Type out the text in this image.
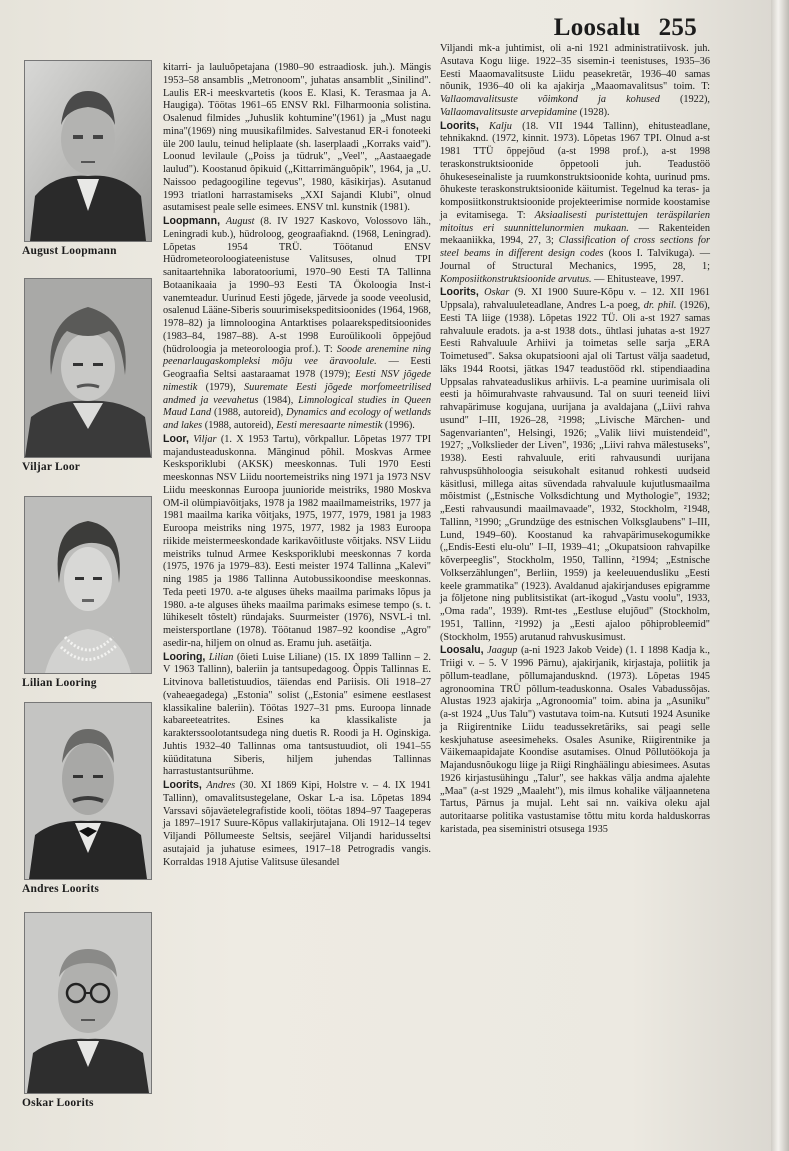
Loosalu 255
August Loopmann
Viljar Loor
Lilian Looring
Andres Loorits
Oskar Loorits

kitarri- ja lauluõpetajana (1980–90 estraadiosk. juh.). Mängis 1953–58 ansamblis „Metronoom", juhatas ansamblit „Sinilind". Laulis ER-i meeskvartetis (koos E. Klasi, K. Terasmaa ja A. Haugiga). Töötas 1961–65 ENSV Rkl. Filharmoonia solistina. Osalenud filmides „Juhuslik kohtumine"(1961) ja „Must nagu mina"(1969) ning muusikafilmides. Salvestanud ER-i fonoteeki üle 200 laulu, teinud heliplaate (sh. laserplaadi „Korraks vaid"). Loonud levilaule („Poiss ja tüdruk", „Veel", „Aastaaegade laulud"). Koostanud õpikuid („Kittarrimänguõpik", 1964, ja „U. Naissoo pedagoogiline tegevus", 1980, käsikirjas). Asutanud 1993 triatloni harrastamiseks „XXI Sajandi Klubi", olnud asutamisest peale selle esimees. ENSV tnl. kunstnik (1981).

Loopmann, August (8. IV 1927 Kaskovo, Volossovo läh., Leningradi kub.), hüdroloog, geograafiaknd. (1968, Leningrad). Lõpetas 1954 TRÜ. Töötanud ENSV Hüdrometeoroloogiateenistuse Valitsuses, olnud TPI sanitaartehnika laboratooriumi, 1970–90 Eesti TA Tallinna Botaanikaaia ja 1990–93 Eesti TA Ökoloogia Inst-i vanemteadur. Uurinud Eesti jõgede, järvede ja soode veeolusid, osalenud Lääne-Siberis souurimisekspeditsioonides (1964, 1968, 1978–82) ja limnoloogina Antarktises polaarekspeditsioonides (1983–84, 1987–88). A-st 1998 Euroülikooli õppejõud (hüdroloogia ja meteoroloogia prof.). T: Soode arenemine ning peenarlaugaskompleksi mõju vee äravoolule. — Eesti Geograafia Seltsi aastaraamat 1978 (1979); Eesti NSV jõgede nimestik (1979), Suuremate Eesti jõgede morfomeetrilised andmed ja veevahetus (1984), Limnological studies in Queen Maud Land (1988, autoreid), Dynamics and ecology of wetlands and lakes (1988, autoreid), Eesti meresaarte nimestik (1996).

Loor, Viljar (1. X 1953 Tartu), võrkpallur. Lõpetas 1977 TPI majandusteaduskonna. Mänginud põhil. Moskvas Armee Kesksporiklubi (AKSK) meeskonnas. Tuli 1970 Eesti meeskonnas NSV Liidu noortemeistriks ning 1971 ja 1973 NSV Liidu meeskonnas Euroopa juunioride meistriks, 1980 Moskva OM-il olümpiavõitjaks, 1978 ja 1982 maailmameistriks, 1977 ja 1981 maailma karika võitjaks, 1975, 1977, 1979, 1981 ja 1983 Euroopa meistriks ning 1975, 1977, 1982 ja 1983 Euroopa riikide meistermeeskondade karikavõitluste võitjaks. NSV Liidu meistriks tulnud Armee Kesksporiklubi meeskonnas 7 korda (1975, 1976 ja 1979–83). Eesti meister 1974 Tallinna „Kalevi" ning 1985 ja 1986 Tallinna Autobussikoondise meeskonnas. Teda peeti 1970. a-te alguses üheks maailma parimaks lõpus ja 1980. a-te alguses üheks maailma parimaks esimese tempo (s. t. lühikeselt tõstelt) ründajaks. Suurmeister (1976), NSVL-i tnl. meistersportlane (1978). Töötanud 1987–92 koondise „Agro" asedir-na, hiljem on olnud as. Eramu juh. asetäitja.

Looring, Lilian (õieti Luise Liliane) (15. IX 1899 Tallinn – 2. V 1963 Tallinn), baleriin ja tantsupedagoog. Õppis Tallinnas E. Litvinova balletistuudios, täiendas end Pariisis. Oli 1918–27 (vaheaegadega) „Estonia" solist („Estonia" esimene eestlasest klassikaline baleriin). Töötas 1927–31 pms. Euroopa linnade kabareeteatrites. Esines ka klassikaliste ja karakterssoolotantsudega ning duetis R. Roodi ja H. Oginskiga. Juhtis 1932–40 Tallinnas oma tantsustuudiot, oli 1941–55 küüditatuna Siberis, hiljem juhendas Tallinnas harrastustantsurühme.

Loorits, Andres (30. XI 1869 Kipi, Holstre v. – 4. IX 1941 Tallinn), omavalitsustegelane, Oskar L-a isa. Lõpetas 1894 Varssavi sõjaväetelegrafistide kooli, töötas 1894–97 Taageperas ja 1897–1917 Suure-Kõpus vallakirjutajana. Oli 1912–14 tegev Viljandi Põllumeeste Seltsis, seejärel Viljandi haridusseltsi asutajaid ja juhatuse esimees, 1917–18 Petrogradis vangis. Korraldas 1918 Ajutise Valitsuse ülesandel

Viljandi mk-a juhtimist, oli a-ni 1921 administratiivosk. juh. Asutava Kogu liige. 1922–35 sisemin-i teenistuses, 1935–36 Eesti Maaomavalitsuste Liidu peasekretär, 1936–40 samas nõunik, 1936–40 oli ka ajakirja „Maaomavalitsus" toim. T: Vallaomavalitsuste võimkond ja kohused (1922), Vallaomavalitsuste arvepidamine (1928).

Loorits, Kalju (18. VII 1944 Tallinn), ehitusteadlane, tehnikaknd. (1972, kinnit. 1973). Lõpetas 1967 TPI. Olnud a-st 1981 TTÜ õppejõud (a-st 1998 prof.), a-st 1998 teraskonstruktsioonide õppetooli juh. Teadustöö õhukeseseinaliste ja ruumkonstruktsioonide kohta, uurinud pms. õhukeste teraskonstruktsioonide käitumist. Tegelnud ka teras- ja komposiitkonstruktsioonide projekteerimise normide koostamise ja evitamisega. T: Aksiaalisesti puristettujen teräspilarien mitoitus eri suunnittelunormien mukaan. — Rakenteiden mekaaniikka, 1994, 27, 3; Classification of cross sections for steel beams in different design codes (koos I. Talvikuga). — Journal of Structural Mechanics, 1995, 28, 1; Komposiitkonstruktsioonide arvutus. — Ehitusteave, 1997.

Loorits, Oskar (9. XI 1900 Suure-Kõpu v. – 12. XII 1961 Uppsala), rahvaluuleteadlane, Andres L-a poeg, dr. phil. (1926), Eesti TA liige (1938). Lõpetas 1922 TÜ. Oli a-st 1927 samas rahvaluule eradots. ja a-st 1938 dots., ühtlasi juhatas a-st 1927 Eesti Rahvaluule Arhiivi ja toimetas selle sarja „ERA Toimetused". Saksa okupatsiooni ajal oli Tartust välja saadetud, läks 1944 Rootsi, jätkas 1947 teadustööd rkl. stipendiaadina Uppsalas rahvateaduslikus arhiivis. L-a peamine uurimisala oli eesti ja hõimurahvaste rahvausund. Tal on suuri teeneid liivi rahvapärimuse kogujana, uurijana ja avaldajana („Liivi rahva usund" I–III, 1926–28, ²1998; „Livische Märchen- und Sagenvarianten", Helsingi, 1926; „Valik liivi muistendeid", 1927; „Volkslieder der Liven", 1936; „Liivi rahva mälestuseks", 1938). Eesti rahvaluule, eriti rahvausundi uurijana rahvuspsühholoogia seisukohalt esitanud rohkesti uudseid käsitlusi, millega aitas süvendada rahvaluule kujutlusmaailma mõistmist („Estnische Volksdichtung und Mythologie", 1932; „Eesti rahvausundi maailmavaade", 1932, Stockholm, ²1948, Tallinn, ³1990; „Grundzüge des estnischen Volksglaubens" I–III, Lund, 1949–60). Koostanud ka rahvapärimusekogumikke („Endis-Eesti elu-olu" I–II, 1939–41; „Okupatsioon rahvapilke kõverpeeglis", Stockholm, 1950, Tallinn, ²1994; „Estnische Volkserzählungen", Berliin, 1959) ja keeleuuendusliku „Eesti keele grammatika" (1923). Avaldanud ajakirjanduses epigramme ja fõljetone ning publitsistikat (art-ikogud „Vastu voolu", 1933, „Oma rada", 1939). Rmt-tes „Eestluse elujõud" (Stockholm, 1951, Tallinn, ²1992) ja „Eesti ajaloo põhiprobleemid" (Stockholm, 1955) arutanud rahvuskusimust.

Loosalu, Jaagup (a-ni 1923 Jakob Veide) (1. I 1898 Kadja k., Triigi v. – 5. V 1996 Pärnu), ajakirjanik, kirjastaja, poliitik ja põllum-teadlane, põllumajandusknd. (1973). Lõpetas 1945 agronoomina TRÜ põllum-teaduskonna. Osales Vabadussõjas. Alustas 1923 ajakirja „Agronoomia" toim. abina ja „Asuniku" (a-st 1924 „Uus Talu") vastutava toim-na. Kutsuti 1924 Asunike ja Riigirentnike Liidu teadussekretäriks, sai peagi selle keskjuhatuse aseesimeheks. Osales Asunike, Riigirentnike ja Väikemaapidajate Koondise asutamises. Olnud Põllutöökoja ja Majandusnõukogu liige ja Riigi Ringhäälingu abiesimees. Asutas 1926 kirjastusühingu „Talur", see hakkas välja andma ajalehte „Maa" (a-st 1929 „Maaleht"), mis ilmus kohalike väljaannetena Tartus, Pärnus ja mujal. Leht sai nn. vaikiva oleku ajal autoritaarse politika vastustamise tõttu mitu korda halduskorras karistada, pea siseministri otsusega 1935
